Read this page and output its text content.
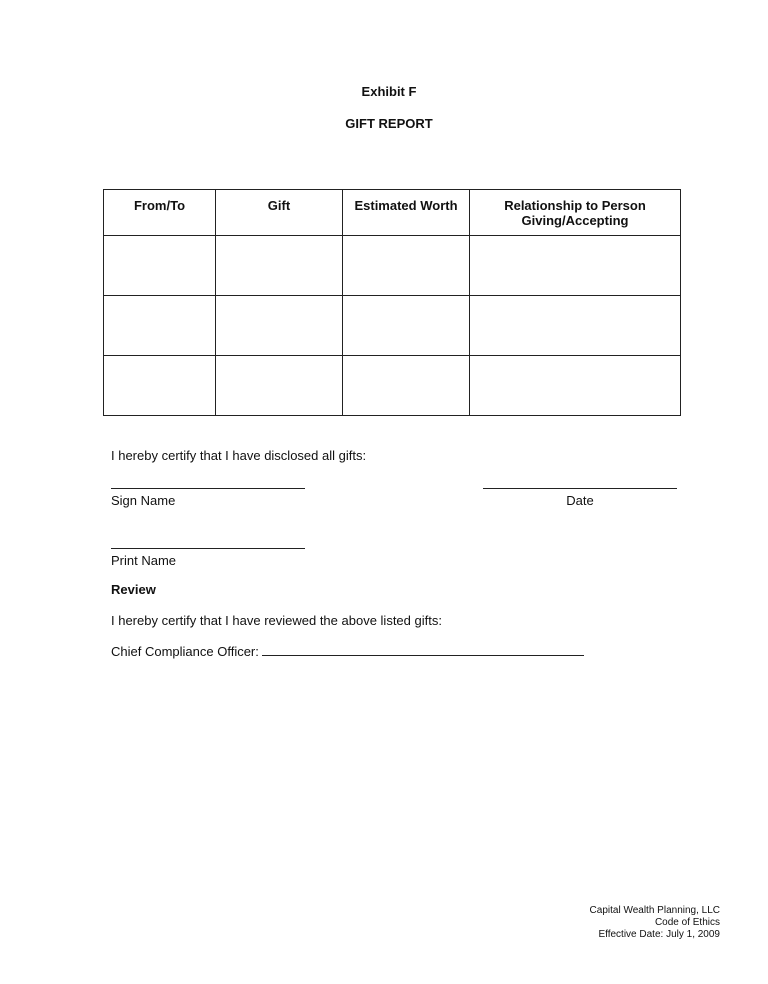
Exhibit F
GIFT REPORT
From/To	Gift	Estimated Worth	Relationship to Person Giving/Accepting

I hereby certify that I have disclosed all gifts:
Sign Name	Date
Print Name
Review
I hereby certify that I have reviewed the above listed gifts:
Chief Compliance Officer:
Capital Wealth Planning, LLC
Code of Ethics
Effective Date: July 1, 2009
